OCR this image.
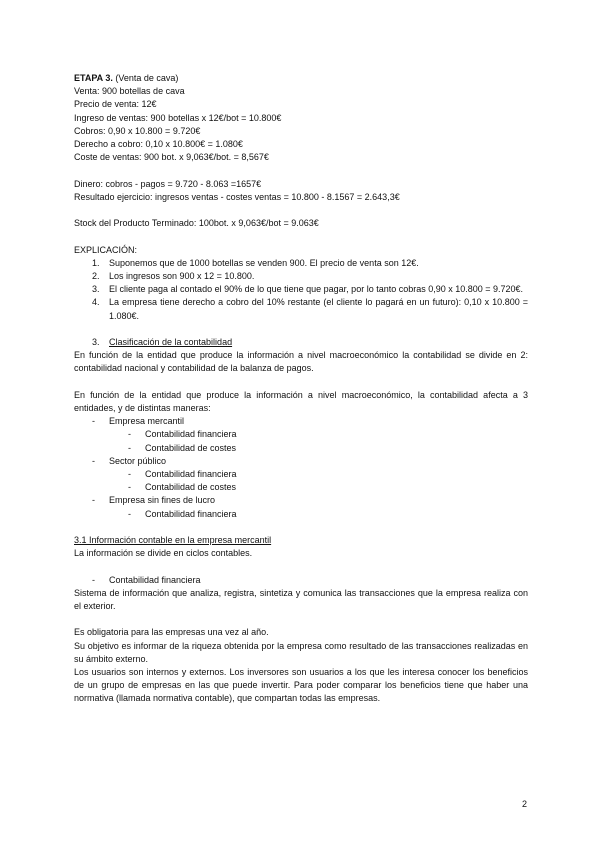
ETAPA 3. (Venta de cava)
Venta: 900 botellas de cava
Precio de venta: 12€
Ingreso de ventas: 900 botellas x 12€/bot = 10.800€
Cobros: 0,90 x 10.800 = 9.720€
Derecho a cobro: 0,10 x 10.800€ = 1.080€
Coste de ventas: 900 bot. x 9,063€/bot. = 8,567€
Dinero: cobros - pagos = 9.720 - 8.063 =1657€
Resultado ejercicio: ingresos ventas - costes ventas = 10.800 - 8.1567 = 2.643,3€
Stock del Producto Terminado: 100bot. x 9,063€/bot = 9.063€
EXPLICACIÓN:
1. Suponemos que de 1000 botellas se venden 900. El precio de venta son 12€.
2. Los ingresos son 900 x 12 = 10.800.
3. El cliente paga al contado el 90% de lo que tiene que pagar, por lo tanto cobras 0,90 x 10.800 = 9.720€.
4. La empresa tiene derecho a cobro del 10% restante (el cliente lo pagará en un futuro): 0,10 x 10.800 = 1.080€.
3. Clasificación de la contabilidad
En función de la entidad que produce la información a nivel macroeconómico la contabilidad se divide en 2: contabilidad nacional y contabilidad de la balanza de pagos.
En función de la entidad que produce la información a nivel macroeconómico, la contabilidad afecta a 3 entidades, y de distintas maneras:
- Empresa mercantil
- Contabilidad financiera
- Contabilidad de costes
- Sector público
- Contabilidad financiera
- Contabilidad de costes
- Empresa sin fines de lucro
- Contabilidad financiera
3.1 Información contable en la empresa mercantil
La información se divide en ciclos contables.
- Contabilidad financiera
Sistema de información que analiza, registra, sintetiza y comunica las transacciones que la empresa realiza con el exterior.
Es obligatoria para las empresas una vez al año.
Su objetivo es informar de la riqueza obtenida por la empresa como resultado de las transacciones realizadas en su ámbito externo.
Los usuarios son internos y externos. Los inversores son usuarios a los que les interesa conocer los beneficios de un grupo de empresas en las que puede invertir. Para poder comparar los beneficios tiene que haber una normativa (llamada normativa contable), que compartan todas las empresas.
2
